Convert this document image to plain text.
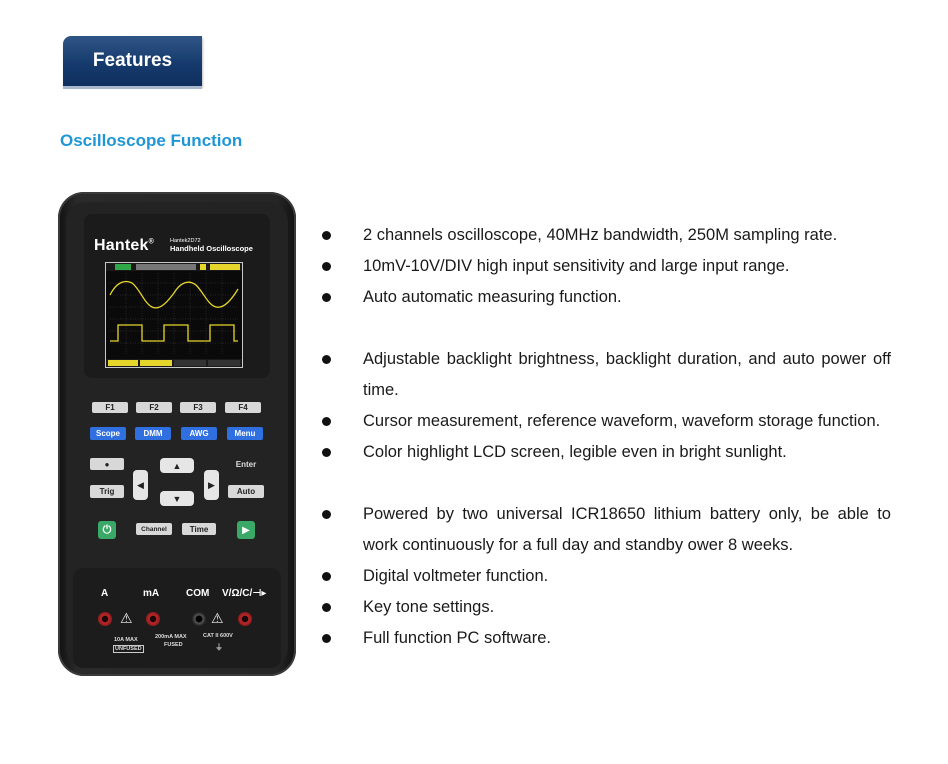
Features
Oscilloscope Function
Hantek®	Hantek2D72
Handheld Oscilloscope
F1	F2	F3	F4
Scope	DMM	AWG	Menu
●
Trig
Enter
Auto
▲
▼
◀	▶
⏻	Channel	Time	▶
A	mA	COM V/Ω/C/⊣▸
⚠	⚠
10A MAX
UNFUSED
200mA MAX
FUSED
CAT II 600V
⏚
2 channels oscilloscope, 40MHz bandwidth, 250M sampling rate.
10mV-10V/DIV high input sensitivity and large input range.
Auto automatic measuring function.
Adjustable backlight brightness, backlight duration, and auto power off time.
Cursor measurement, reference waveform, waveform storage function.
Color highlight LCD screen, legible even in bright sunlight.
Powered by two universal ICR18650 lithium battery only, be able to work continuously for a full day and standby ower 8 weeks.
Digital voltmeter function.
Key tone settings.
Full function PC software.
